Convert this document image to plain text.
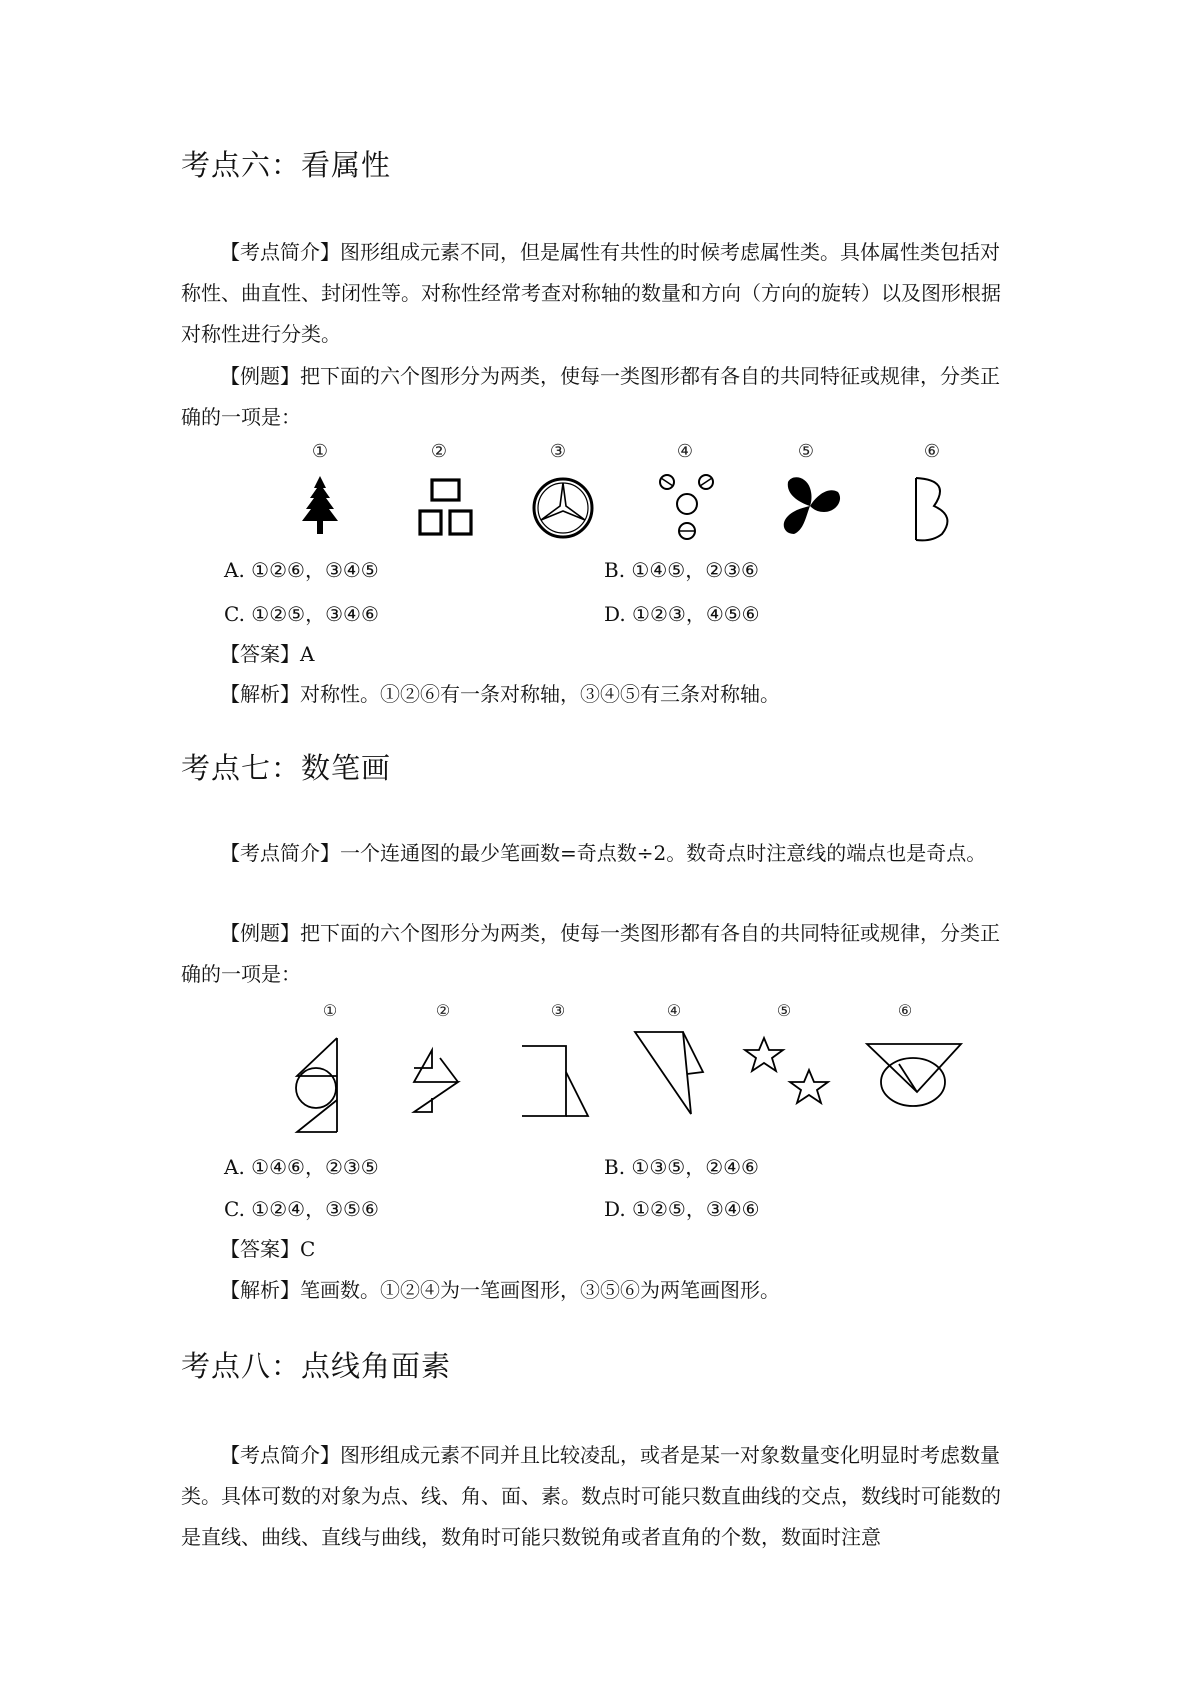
考点六：看属性

【考点简介】图形组成元素不同，但是属性有共性的时候考虑属性类。具体属性类包括对称性、曲直性、封闭性等。对称性经常考查对称轴的数量和方向（方向的旋转）以及图形根据对称性进行分类。

【例题】把下面的六个图形分为两类，使每一类图形都有各自的共同特征或规律，分类正确的一项是：

①	②	③	④	⑤	⑥
A. ①②⑥，③④⑤	B. ①④⑤，②③⑥
C. ①②⑤，③④⑥	D. ①②③，④⑤⑥
【答案】A
【解析】对称性。①②⑥有一条对称轴，③④⑤有三条对称轴。
考点七：数笔画

【考点简介】一个连通图的最少笔画数=奇点数÷2。数奇点时注意线的端点也是奇点。

【例题】把下面的六个图形分为两类，使每一类图形都有各自的共同特征或规律，分类正确的一项是：

①	②	③	④	⑤	⑥
A. ①④⑥，②③⑤	B. ①③⑤，②④⑥
C. ①②④，③⑤⑥	D. ①②⑤，③④⑥
【答案】C
【解析】笔画数。①②④为一笔画图形，③⑤⑥为两笔画图形。
考点八：点线角面素

【考点简介】图形组成元素不同并且比较凌乱，或者是某一对象数量变化明显时考虑数量类。具体可数的对象为点、线、角、面、素。数点时可能只数直曲线的交点，数线时可能数的是直线、曲线、直线与曲线，数角时可能只数锐角或者直角的个数，数面时注意
